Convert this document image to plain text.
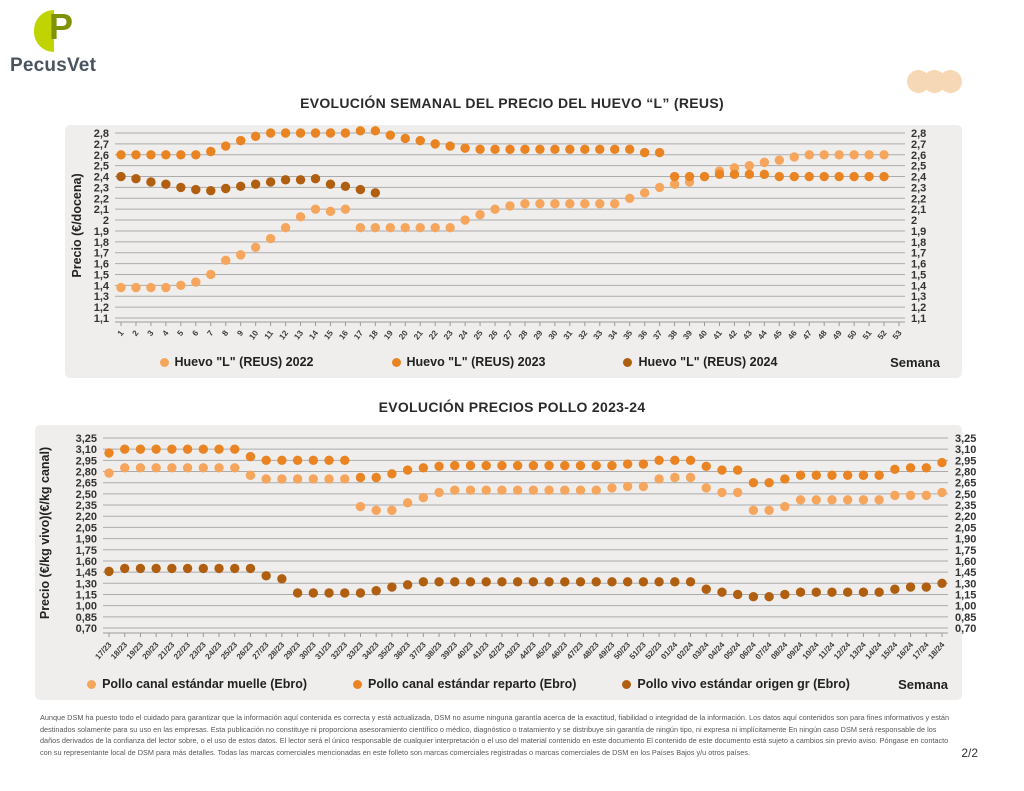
P
PecusVet
EVOLUCIÓN SEMANAL DEL PRECIO DEL HUEVO “L” (REUS)
2,8	2,8
2,7	2,7
2,6	2,6
2,5	2,5
2,4	2,4
2,3	2,3
2,2	2,2
2,1	2,1
2	2
1,9	1,9
1,8	1,8
1,7	1,7
1,6	1,6
1,5	1,5
1,4	1,4
1,3	1,3
1,2	1,2
1,1	1,1
1 2 3 4 5 6 7 8 9 10 11 12 13 14 15 16 17 18 19 20 21 22 23 24 25 26 27 28 29 30 31 32 33 34 35 36 37 38 39 40 41 42 43 44 45 46 47 48 49 50 51 52 53
Precio (€/docena)
Huevo "L" (REUS) 2022	Huevo "L" (REUS) 2023	Huevo "L" (REUS) 2024	Semana
EVOLUCIÓN PRECIOS POLLO 2023-24
3,25	3,25
3,10	3,10
2,95	2,95
2,80	2,80
2,65	2,65
2,50	2,50
2,35	2,35
2,20	2,20
2,05	2,05
1,90	1,90
1,75	1,75
1,60	1,60
1,45	1,45
1,30	1,30
1,15	1,15
1,00	1,00
0,85	0,85
0,70	0,70
17/23
18/23
19/23
20/23
21/23
22/23
23/23
24/23
25/23
26/23
27/23
28/23
29/23
30/23
31/23
32/23
33/23
34/23
35/23
36/23
37/23
38/23
39/23
40/23
41/23
42/23
43/23
44/23
45/23
46/23
47/23
48/23
49/23
50/23
51/23
52/23
01/24
02/24
03/24
04/24
05/24
06/24
07/24
08/24
09/24
10/24
11/24
12/24
13/24
14/24
15/24
16/24
17/24
18/24
Precio (€/kg vivo)(€/kg canal)
Pollo canal estándar muelle (Ebro)	Pollo canal estándar reparto (Ebro)	Pollo vivo estándar origen gr (Ebro)	Semana

Aunque DSM ha puesto todo el cuidado para garantizar que la información aquí contenida es correcta y está actualizada, DSM no asume ninguna garantía acerca de la exactitud, fiabilidad o integridad de la información. Los datos aquí contenidos son para fines informativos y están destinados solamente para su uso en las empresas. Esta publicación no constituye ni proporciona asesoramiento científico o médico, diagnóstico o tratamiento y se distribuye sin garantía de ningún tipo, ni expresa ni implícitamente En ningún caso DSM será responsable de los daños derivados de la confianza del lector sobre, o el uso de estos datos. El lector será el único responsable de cualquier interpretación o el uso del material contenido en este documento El contenido de este documento está sujeto a cambios sin previo aviso. Póngase en contacto con su representante local de DSM para más detalles. Todas las marcas comerciales mencionadas en este folleto son marcas comerciales registradas o marcas comerciales de DSM en los Países Bajos y/u otros países.	2/2
